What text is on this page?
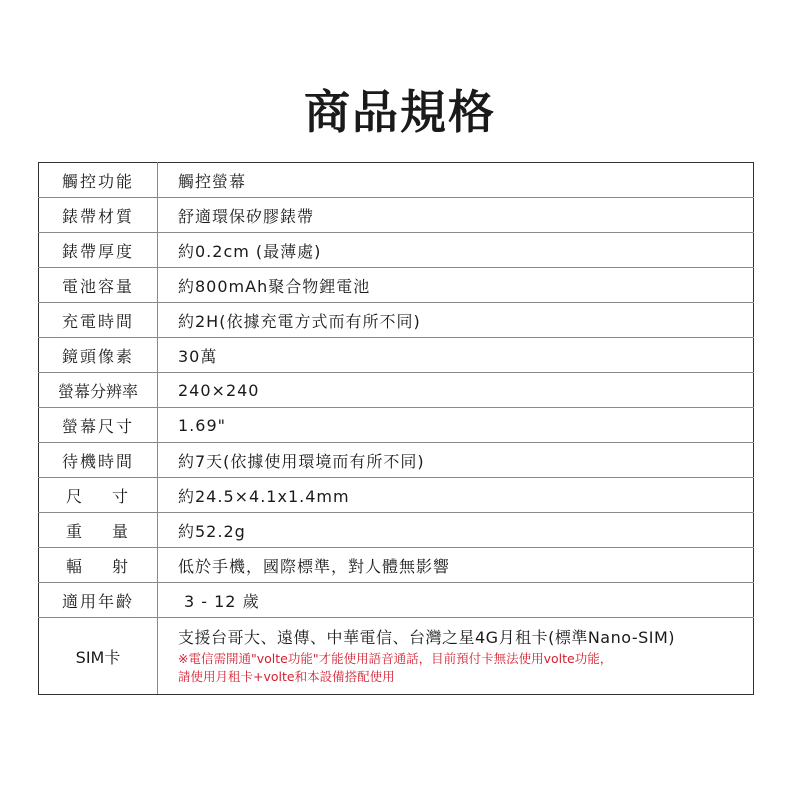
商品規格
觸控功能	觸控螢幕
錶帶材質	舒適環保矽膠錶帶
錶帶厚度	約0.2cm (最薄處)
電池容量	約800mAh聚合物鋰電池
充電時間	約2H(依據充電方式而有所不同)
鏡頭像素	30萬
螢幕分辨率	240×240
螢幕尺寸	1.69"
待機時間	約7天(依據使用環境而有所不同)
尺 寸	約24.5×4.1x1.4mm
重 量	約52.2g
輻 射	低於手機，國際標準，對人體無影響
適用年齡	3 - 12 歲
SIM卡	支援台哥大、遠傳、中華電信、台灣之星4G月租卡(標準Nano-SIM)
※電信需開通"volte功能"才能使用語音通話，目前預付卡無法使用volte功能，
請使用月租卡+volte和本設備搭配使用
